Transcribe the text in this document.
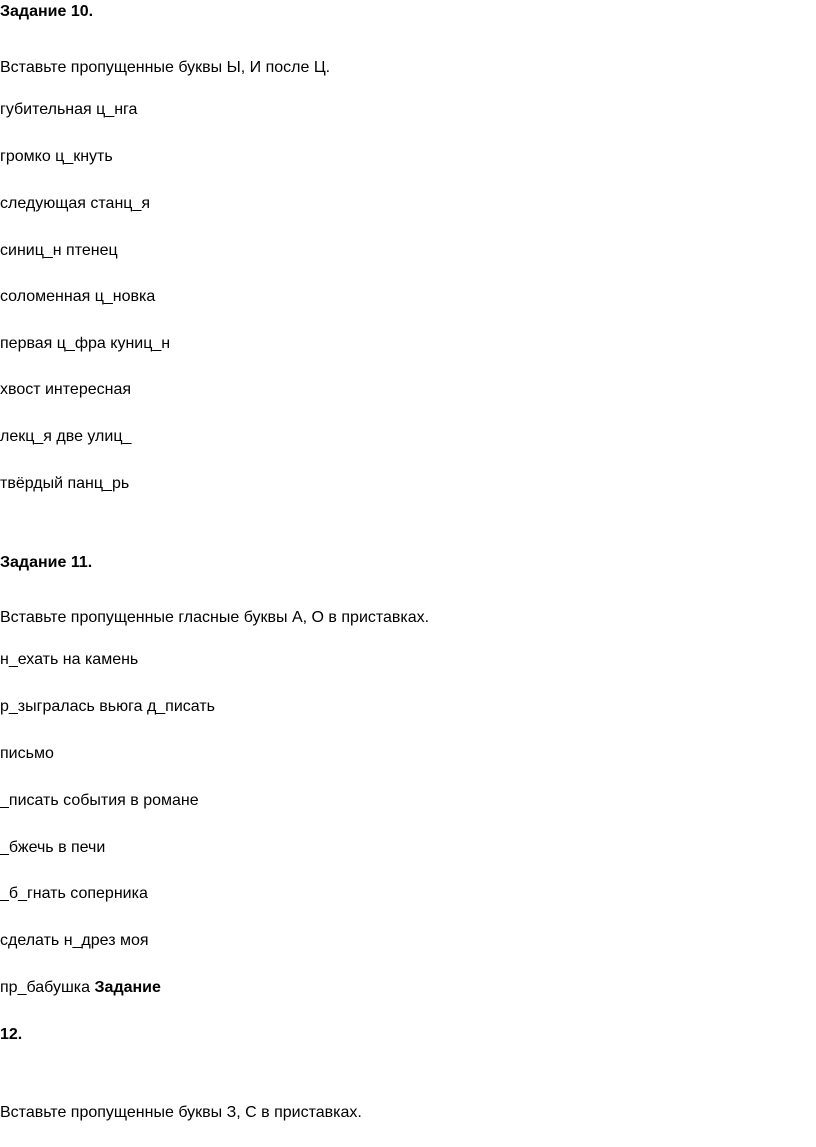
Задание 10.
Вставьте пропущенные буквы Ы, И после Ц.
губительная ц_нга
громко ц_кнуть
следующая станц_я
синиц_н птенец
соломенная ц_новка
первая ц_фра куниц_н
хвост интересная
лекц_я две улиц_
твёрдый панц_рь
Задание 11.
Вставьте пропущенные гласные буквы А, О в приставках.
н_ехать на камень
р_зыгралась вьюга д_писать
письмо
_писать события в романе
_бжечь в печи
_б_гнать соперника
сделать н_дрез моя
пр_бабушка Задание
12.
Вставьте пропущенные буквы З, С в приставках.
